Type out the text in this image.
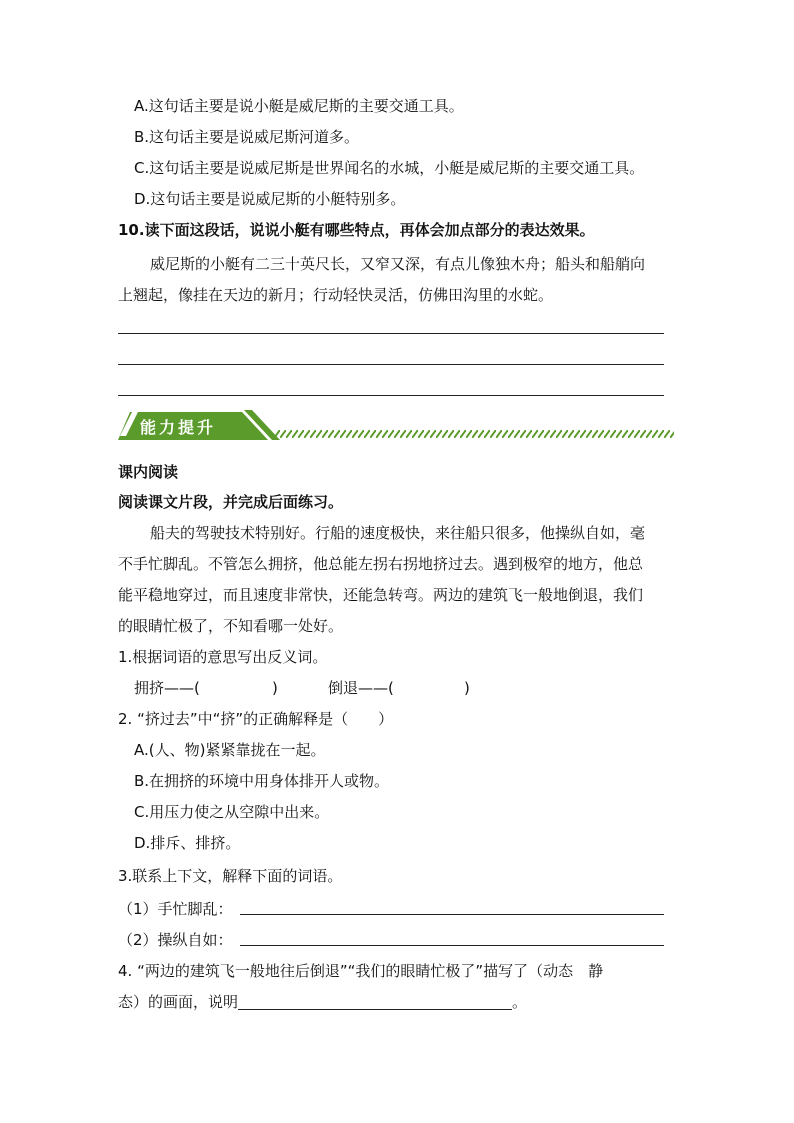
A.这句话主要是说小艇是威尼斯的主要交通工具。
B.这句话主要是说威尼斯河道多。
C.这句话主要是说威尼斯是世界闻名的水城，小艇是威尼斯的主要交通工具。
D.这句话主要是说威尼斯的小艇特别多。
10.读下面这段话，说说小艇有哪些特点，再体会加点部分的表达效果。
威尼斯的小艇有二三十英尺长，又窄又深，有点儿像独木舟；船头和船艄向
上翘起，像挂在天边的新月；行动轻快灵活，仿佛田沟里的水蛇。
能力提升
课内阅读
阅读课文片段，并完成后面练习。
船夫的驾驶技术特别好。行船的速度极快，来往船只很多，他操纵自如，毫
不手忙脚乱。不管怎么拥挤，他总能左拐右拐地挤过去。遇到极窄的地方，他总
能平稳地穿过，而且速度非常快，还能急转弯。两边的建筑飞一般地倒退，我们
的眼睛忙极了，不知看哪一处好。
1.根据词语的意思写出反义词。
拥挤——(	)	倒退——(	)
2. “挤过去”中“挤”的正确解释是（　　）
A.(人、物)紧紧靠拢在一起。
B.在拥挤的环境中用身体排开人或物。
C.用压力使之从空隙中出来。
D.排斥、排挤。
3.联系上下文，解释下面的词语。
（1）手忙脚乱：
（2）操纵自如：
4. “两边的建筑飞一般地往后倒退”“我们的眼睛忙极了”描写了（动态　静
态）的画面，说明	。
